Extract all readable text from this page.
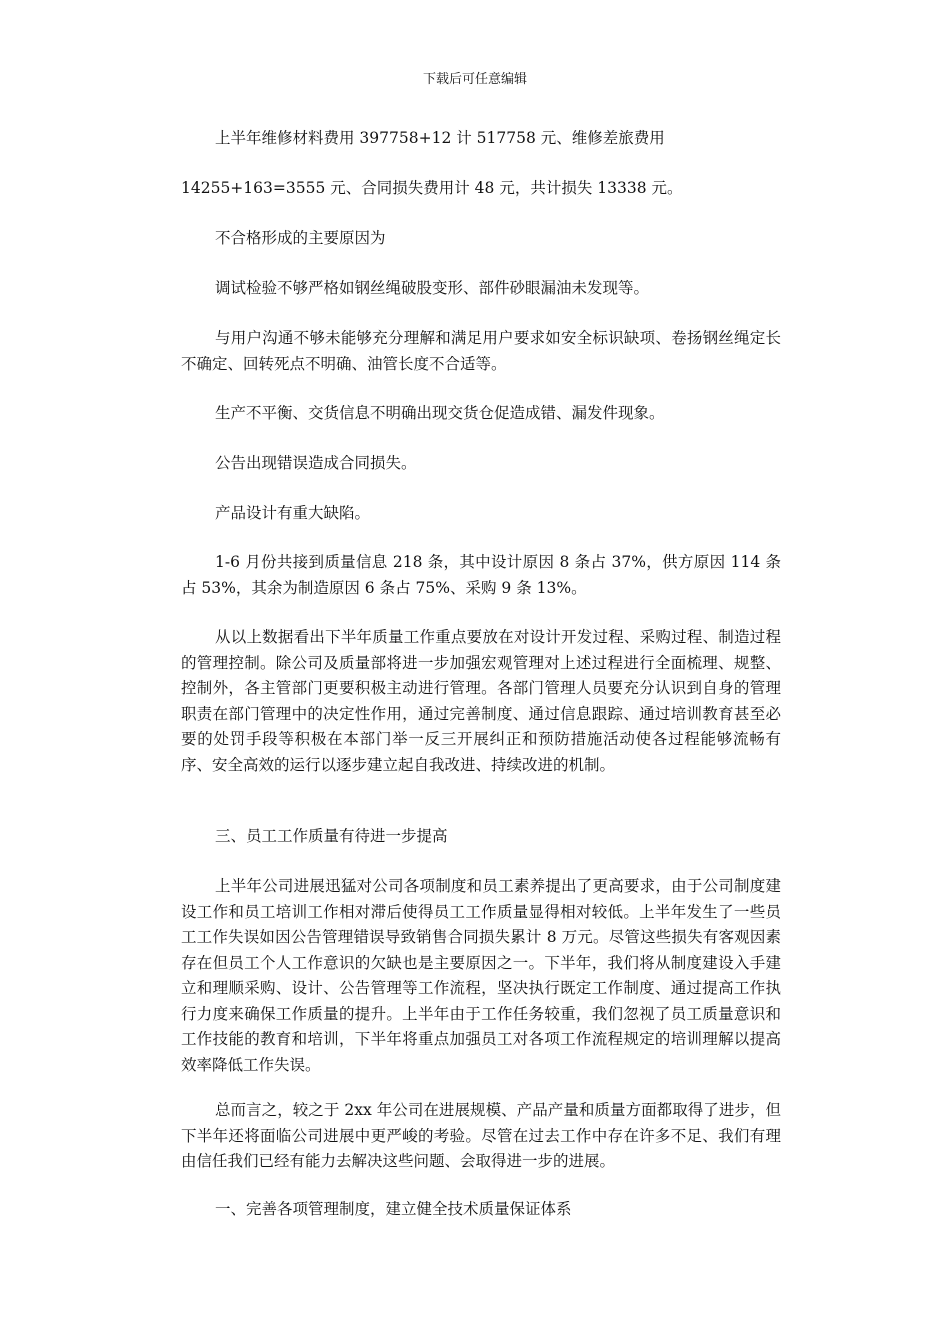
下载后可任意编辑

上半年维修材料费用 397758+12 计 517758 元、维修差旅费用

14255+163=3555 元、合同损失费用计 48 元，共计损失 13338 元。

不合格形成的主要原因为

调试检验不够严格如钢丝绳破股变形、部件砂眼漏油未发现等。

与用户沟通不够未能够充分理解和满足用户要求如安全标识缺项、卷扬钢丝绳定长不确定、回转死点不明确、油管长度不合适等。

生产不平衡、交货信息不明确出现交货仓促造成错、漏发件现象。

公告出现错误造成合同损失。

产品设计有重大缺陷。

1-6 月份共接到质量信息 218 条，其中设计原因 8 条占 37%，供方原因 114 条占 53%，其余为制造原因 6 条占 75%、采购 9 条 13%。

从以上数据看出下半年质量工作重点要放在对设计开发过程、采购过程、制造过程的管理控制。除公司及质量部将进一步加强宏观管理对上述过程进行全面梳理、规整、控制外，各主管部门更要积极主动进行管理。各部门管理人员要充分认识到自身的管理职责在部门管理中的决定性作用，通过完善制度、通过信息跟踪、通过培训教育甚至必要的处罚手段等积极在本部门举一反三开展纠正和预防措施活动使各过程能够流畅有序、安全高效的运行以逐步建立起自我改进、持续改进的机制。

三、员工工作质量有待进一步提高

上半年公司进展迅猛对公司各项制度和员工素养提出了更高要求，由于公司制度建设工作和员工培训工作相对滞后使得员工工作质量显得相对较低。上半年发生了一些员工工作失误如因公告管理错误导致销售合同损失累计 8 万元。尽管这些损失有客观因素存在但员工个人工作意识的欠缺也是主要原因之一。下半年，我们将从制度建设入手建立和理顺采购、设计、公告管理等工作流程，坚决执行既定工作制度、通过提高工作执行力度来确保工作质量的提升。上半年由于工作任务较重，我们忽视了员工质量意识和工作技能的教育和培训，下半年将重点加强员工对各项工作流程规定的培训理解以提高效率降低工作失误。

总而言之，较之于 2xx 年公司在进展规模、产品产量和质量方面都取得了进步，但下半年还将面临公司进展中更严峻的考验。尽管在过去工作中存在许多不足、我们有理由信任我们已经有能力去解决这些问题、会取得进一步的进展。

一、完善各项管理制度，建立健全技术质量保证体系
